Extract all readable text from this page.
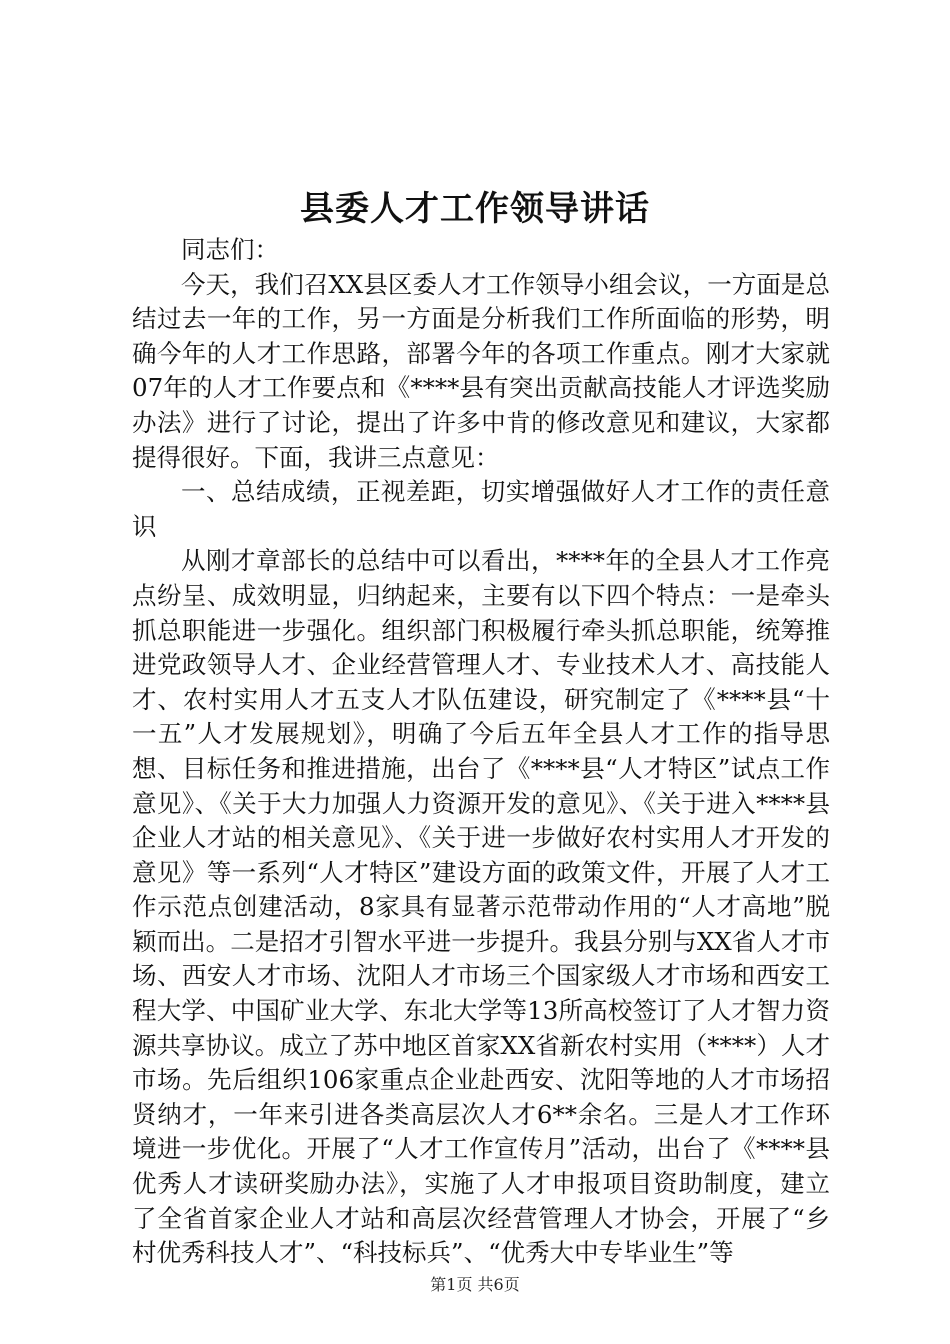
县委人才工作领导讲话

同志们：

今天，我们召XX县区委人才工作领导小组会议，一方面是总结过去一年的工作，另一方面是分析我们工作所面临的形势，明确今年的人才工作思路，部署今年的各项工作重点。刚才大家就07年的人才工作要点和《****县有突出贡献高技能人才评选奖励办法》进行了讨论，提出了许多中肯的修改意见和建议，大家都提得很好。下面，我讲三点意见：

一、总结成绩，正视差距，切实增强做好人才工作的责任意识

从刚才章部长的总结中可以看出，****年的全县人才工作亮点纷呈、成效明显，归纳起来，主要有以下四个特点：一是牵头抓总职能进一步强化。组织部门积极履行牵头抓总职能，统筹推进党政领导人才、企业经营管理人才、专业技术人才、高技能人才、农村实用人才五支人才队伍建设，研究制定了《****县“十一五”人才发展规划》，明确了今后五年全县人才工作的指导思想、目标任务和推进措施，出台了《****县“人才特区”试点工作意见》、《关于大力加强人力资源开发的意见》、《关于进入****县企业人才站的相关意见》、《关于进一步做好农村实用人才开发的意见》等一系列“人才特区”建设方面的政策文件，开展了人才工作示范点创建活动，8家具有显著示范带动作用的“人才高地”脱颖而出。二是招才引智水平进一步提升。我县分别与XX省人才市场、西安人才市场、沈阳人才市场三个国家级人才市场和西安工程大学、中国矿业大学、东北大学等13所高校签订了人才智力资源共享协议。成立了苏中地区首家XX省新农村实用（****）人才市场。先后组织106家重点企业赴西安、沈阳等地的人才市场招贤纳才，一年来引进各类高层次人才6**余名。三是人才工作环境进一步优化。开展了“人才工作宣传月”活动，出台了《****县优秀人才读研奖励办法》，实施了人才申报项目资助制度，建立了全省首家企业人才站和高层次经营管理人才协会，开展了“乡村优秀科技人才”、“科技标兵”、“优秀大中专毕业生”等

第1页 共6页
